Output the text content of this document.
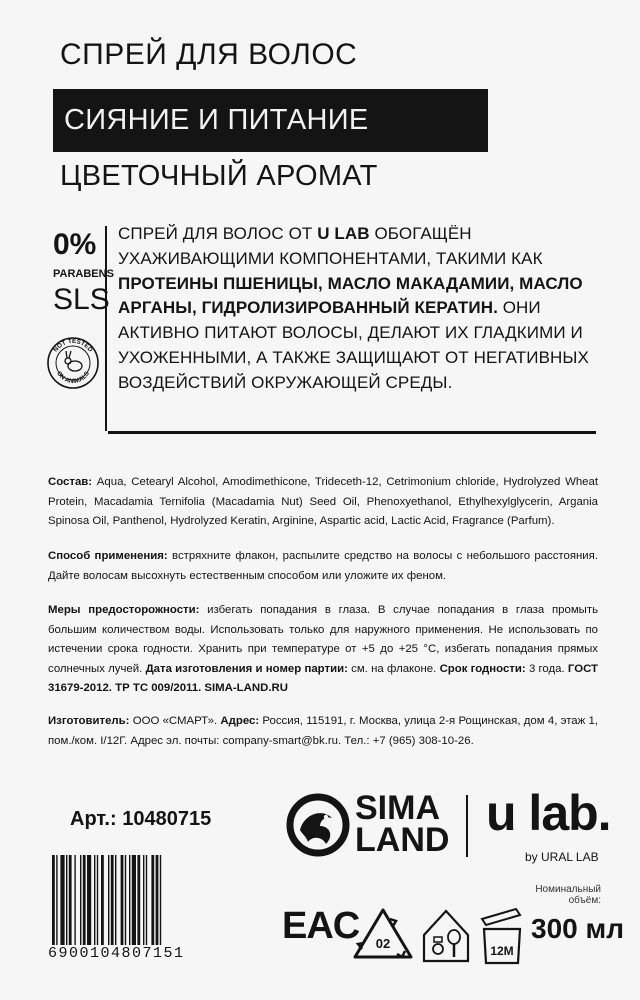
СПРЕЙ ДЛЯ ВОЛОС
СИЯНИЕ И ПИТАНИЕ
ЦВЕТОЧНЫЙ АРОМАТ
0%
PARABENS
SLS
NOT TESTED
ON ANIMALS
СПРЕЙ ДЛЯ ВОЛОС ОТ U LAB ОБОГАЩЁН УХАЖИВАЮЩИМИ КОМПОНЕНТАМИ, ТАКИМИ КАК ПРОТЕИНЫ ПШЕНИЦЫ, МАСЛО МАКАДАМИИ, МАСЛО АРГАНЫ, ГИДРОЛИЗИРОВАННЫЙ КЕРАТИН. ОНИ АКТИВНО ПИТАЮТ ВОЛОСЫ, ДЕЛАЮТ ИХ ГЛАДКИМИ И УХОЖЕННЫМИ, А ТАКЖЕ ЗАЩИЩАЮТ ОТ НЕГАТИВНЫХ ВОЗДЕЙСТВИЙ ОКРУЖАЮЩЕЙ СРЕДЫ.
Состав: Aqua, Cetearyl Alcohol, Amodimethicone, Trideceth-12, Cetrimonium chloride, Hydrolyzed Wheat Protein, Macadamia Ternifolia (Macadamia Nut) Seed Oil, Phenoxyethanol, Ethylhexylglycerin, Argania Spinosa Oil, Panthenol, Hydrolyzed Keratin, Arginine, Aspartic acid, Lactic Acid, Fragrance (Parfum).
Способ применения: встряхните флакон, распылите средство на волосы с небольшого расстояния. Дайте волосам высохнуть естественным способом или уложите их феном.
Меры предосторожности: избегать попадания в глаза. В случае попадания в глаза промыть большим количеством воды. Использовать только для наружного применения. Не использовать по истечении срока годности. Хранить при температуре от +5 до +25 °С, избегать попадания прямых солнечных лучей. Дата изготовления и номер партии: см. на флаконе. Срок годности: 3 года. ГОСТ 31679-2012. ТР ТС 009/2011. SIMA-LAND.RU
Изготовитель: ООО «СМАРТ». Адрес: Россия, 115191, г. Москва, улица 2-я Рощинская, дом 4, этаж 1, пом./ком. I/12Г. Адрес эл. почты: company-smart@bk.ru. Тел.: +7 (965) 308-10-26.
Арт.: 10480715
6900104807151
SIMA
LAND u lab.
by URAL LAB
EAC 02	12M
Номинальный
объём:
300 мл
